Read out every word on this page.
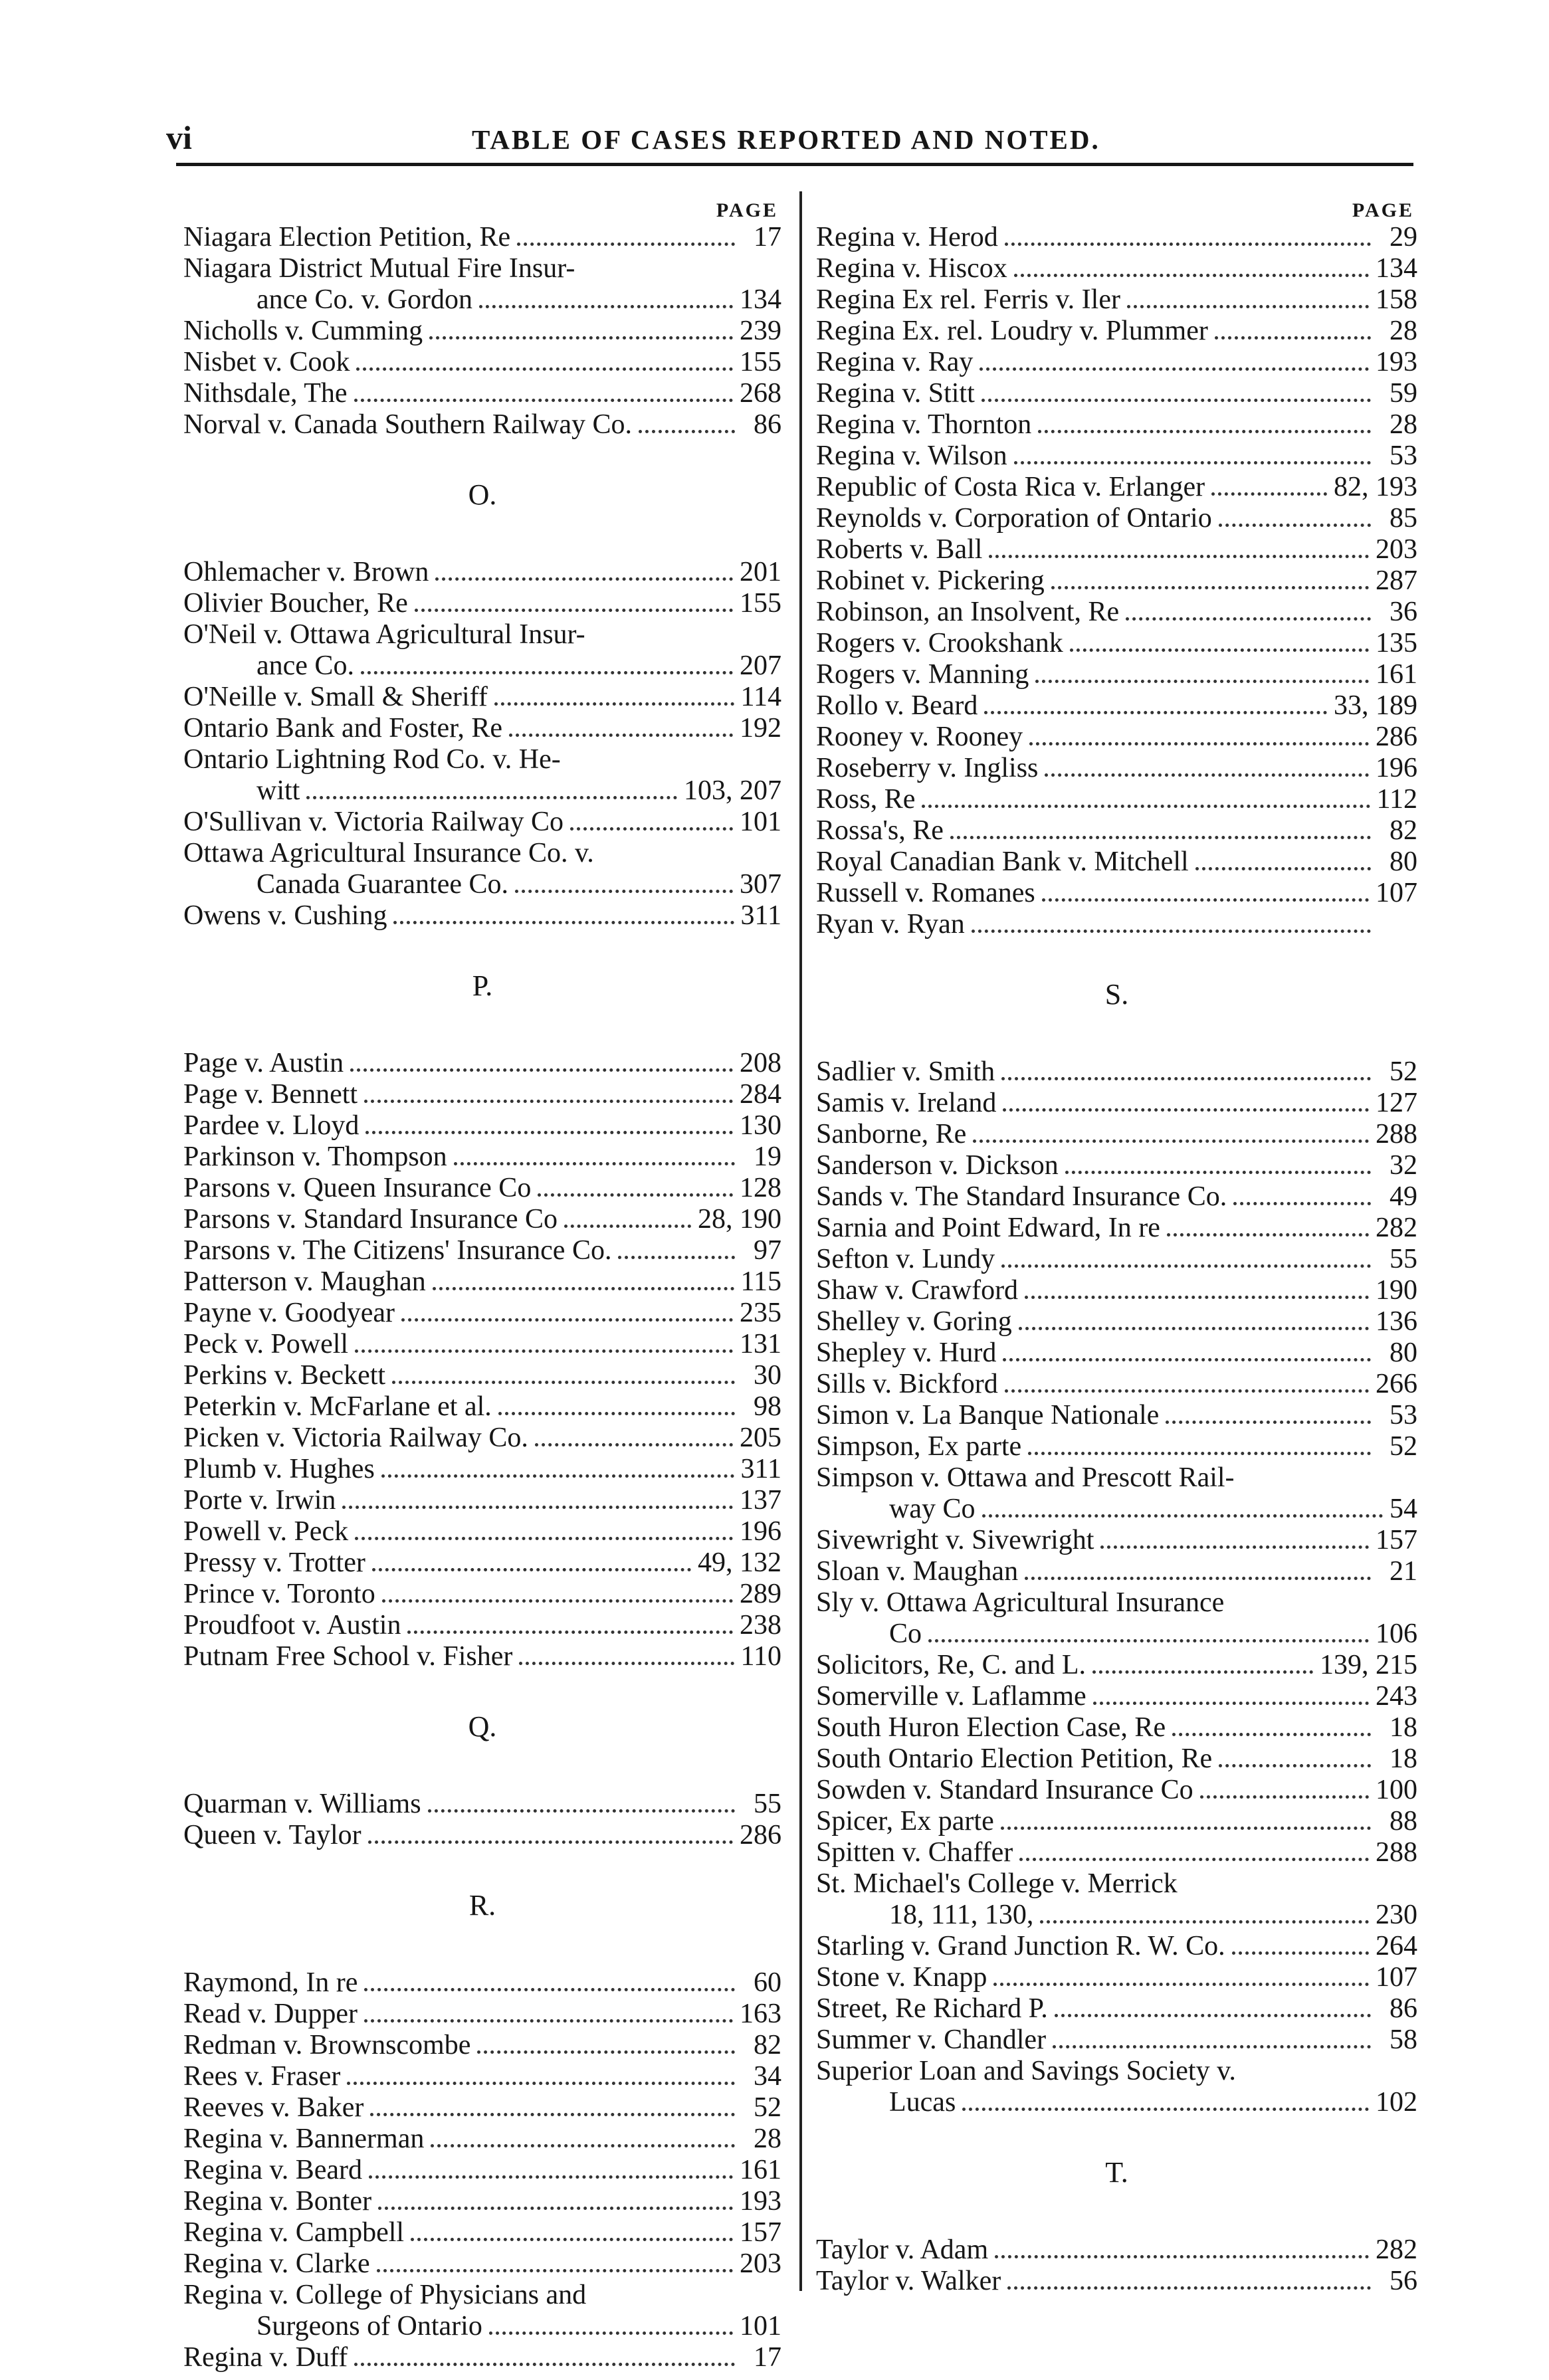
vi	TABLE OF CASES REPORTED AND NOTED.
PAGE
Niagara Election Petition, Re	17
Niagara District Mutual Fire Insur-
ance Co. v. Gordon	134
Nicholls v. Cumming	239
Nisbet v. Cook	155
Nithsdale, The	268
Norval v. Canada Southern Railway Co.	86
O.
Ohlemacher v. Brown	201
Olivier Boucher, Re	155
O'Neil v. Ottawa Agricultural Insur-
ance Co.	207
O'Neille v. Small & Sheriff	114
Ontario Bank and Foster, Re	192
Ontario Lightning Rod Co. v. He-
witt	103, 207
O'Sullivan v. Victoria Railway Co	101
Ottawa Agricultural Insurance Co. v.
Canada Guarantee Co.	307
Owens v. Cushing	311
P.
Page v. Austin	208
Page v. Bennett	284
Pardee v. Lloyd	130
Parkinson v. Thompson	19
Parsons v. Queen Insurance Co	128
Parsons v. Standard Insurance Co	28, 190
Parsons v. The Citizens' Insurance Co.	97
Patterson v. Maughan	115
Payne v. Goodyear	235
Peck v. Powell	131
Perkins v. Beckett	30
Peterkin v. McFarlane et al.	98
Picken v. Victoria Railway Co.	205
Plumb v. Hughes	311
Porte v. Irwin	137
Powell v. Peck	196
Pressy v. Trotter	49, 132
Prince v. Toronto	289
Proudfoot v. Austin	238
Putnam Free School v. Fisher	110
Q.
Quarman v. Williams	55
Queen v. Taylor	286
R.
Raymond, In re	60
Read v. Dupper	163
Redman v. Brownscombe	82
Rees v. Fraser	34
Reeves v. Baker	52
Regina v. Bannerman	28
Regina v. Beard	161
Regina v. Bonter	193
Regina v. Campbell	157
Regina v. Clarke	203
Regina v. College of Physicians and
Surgeons of Ontario	101
Regina v. Duff	17
PAGE
Regina v. Herod	29
Regina v. Hiscox	134
Regina Ex rel. Ferris v. Iler	158
Regina Ex. rel. Loudry v. Plummer	28
Regina v. Ray	193
Regina v. Stitt	59
Regina v. Thornton	28
Regina v. Wilson	53
Republic of Costa Rica v. Erlanger	82, 193
Reynolds v. Corporation of Ontario	85
Roberts v. Ball	203
Robinet v. Pickering	287
Robinson, an Insolvent, Re	36
Rogers v. Crookshank	135
Rogers v. Manning	161
Rollo v. Beard	33, 189
Rooney v. Rooney	286
Roseberry v. Ingliss	196
Ross, Re	112
Rossa's, Re	82
Royal Canadian Bank v. Mitchell	80
Russell v. Romanes	107
Ryan v. Ryan
S.
Sadlier v. Smith	52
Samis v. Ireland	127
Sanborne, Re	288
Sanderson v. Dickson	32
Sands v. The Standard Insurance Co.	49
Sarnia and Point Edward, In re	282
Sefton v. Lundy	55
Shaw v. Crawford	190
Shelley v. Goring	136
Shepley v. Hurd	80
Sills v. Bickford	266
Simon v. La Banque Nationale	53
Simpson, Ex parte	52
Simpson v. Ottawa and Prescott Rail-
way Co	54
Sivewright v. Sivewright	157
Sloan v. Maughan	21
Sly v. Ottawa Agricultural Insurance
Co	106
Solicitors, Re, C. and L.	139, 215
Somerville v. Laflamme	243
South Huron Election Case, Re	18
South Ontario Election Petition, Re	18
Sowden v. Standard Insurance Co	100
Spicer, Ex parte	88
Spitten v. Chaffer	288
St. Michael's College v. Merrick
18, 111, 130,	230
Starling v. Grand Junction R. W. Co.	264
Stone v. Knapp	107
Street, Re Richard P.	86
Summer v. Chandler	58
Superior Loan and Savings Society v.
Lucas	102
T.
Taylor v. Adam	282
Taylor v. Walker	56
